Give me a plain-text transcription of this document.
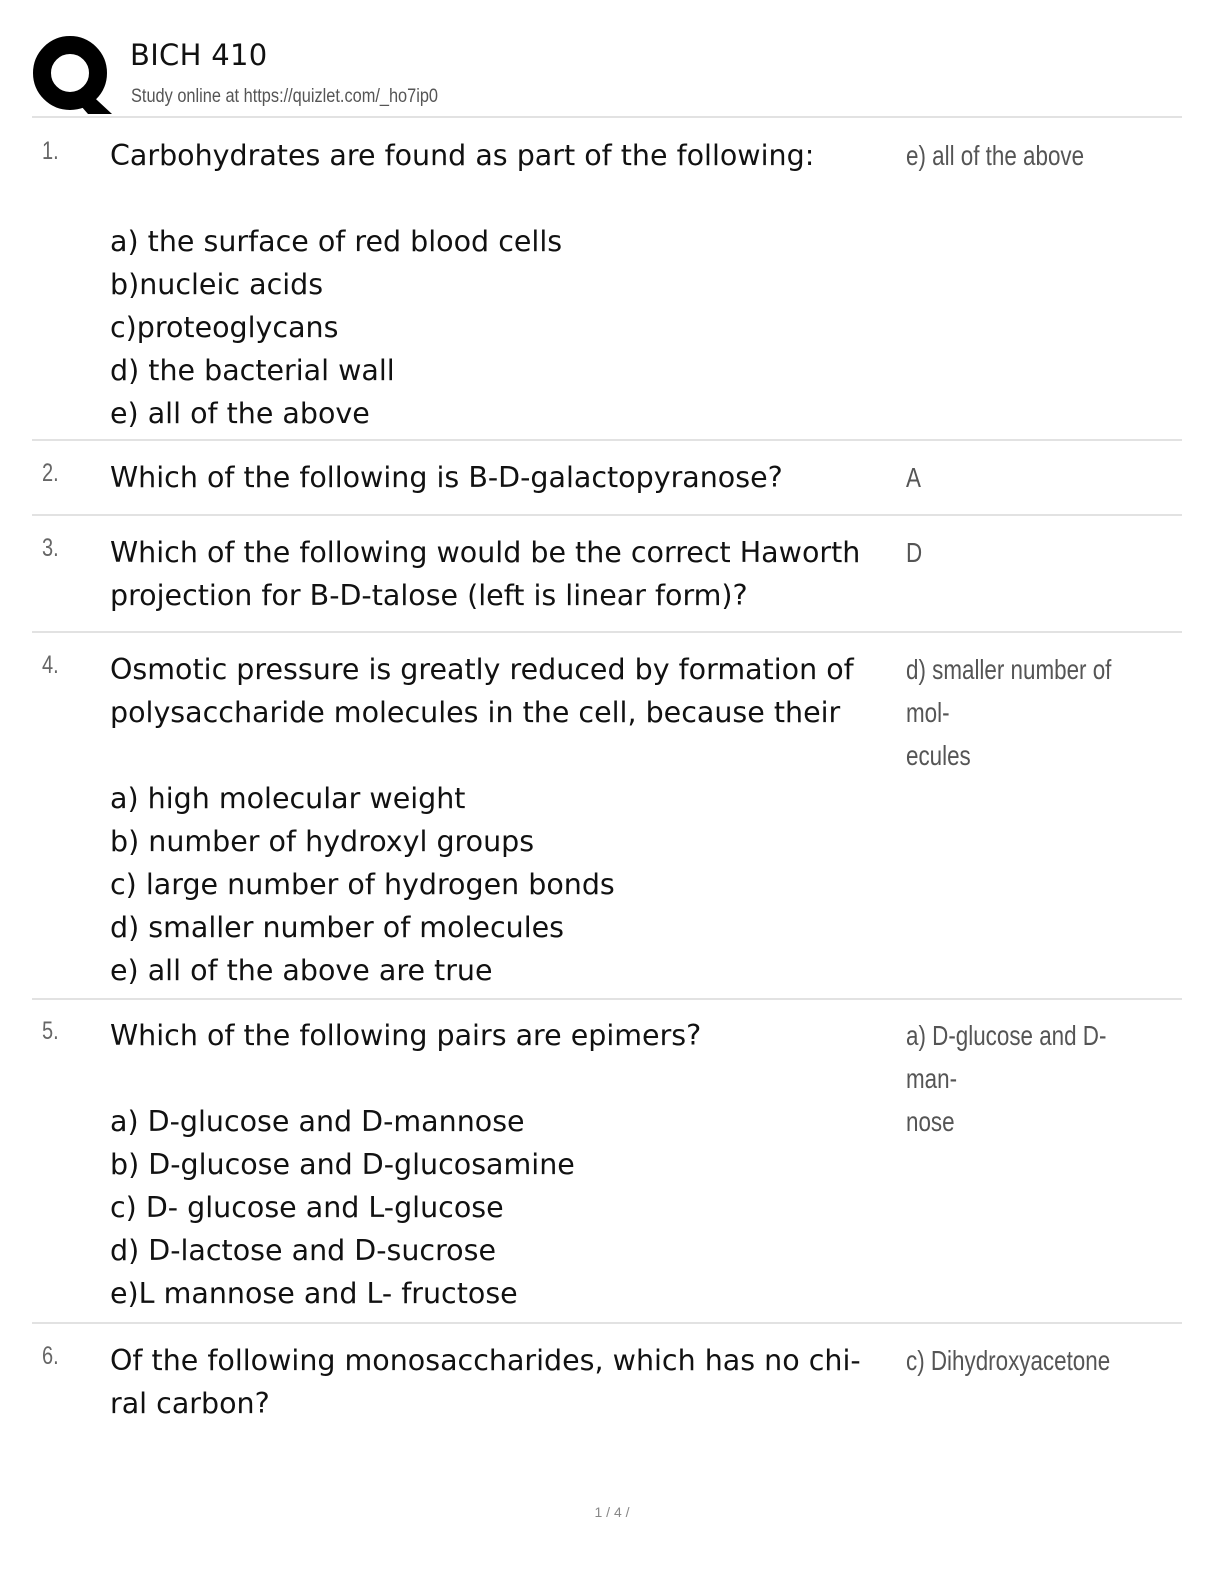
BICH 410
Study online at https://quizlet.com/_ho7ip0
1. Carbohydrates are found as part of the following:

a) the surface of red blood cells
b)nucleic acids
c)proteoglycans
d) the bacterial wall
e) all of the above
e) all of the above
2. Which of the following is B-D-galactopyranose?	A
3. Which of the following would be the correct Haworth
projection for B-D-talose (left is linear form)?
D
4. Osmotic pressure is greatly reduced by formation of
polysaccharide molecules in the cell, because their

a) high molecular weight
b) number of hydroxyl groups
c) large number of hydrogen bonds
d) smaller number of molecules
e) all of the above are true
d) smaller number of mol-
ecules
5. Which of the following pairs are epimers?

a) D-glucose and D-mannose
b) D-glucose and D-glucosamine
c) D- glucose and L-glucose
d) D-lactose and D-sucrose
e)L mannose and L- fructose
a) D-glucose and D-man-
nose
6. Of the following monosaccharides, which has no chi-
ral carbon?
c) Dihydroxyacetone
1 / 4 /
